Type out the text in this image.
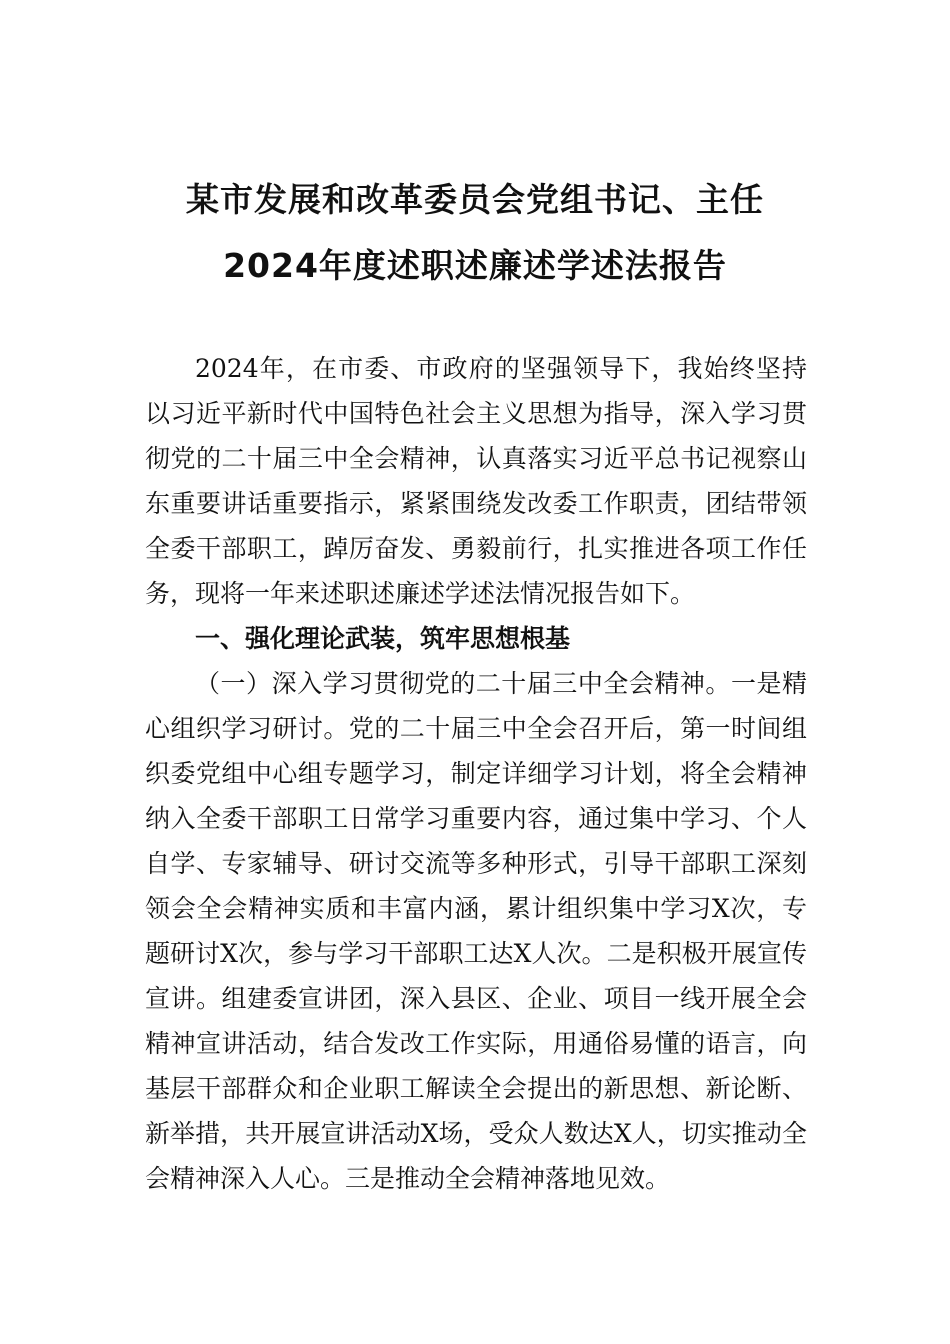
某市发展和改革委员会党组书记、主任
2024年度述职述廉述学述法报告
2024年，在市委、市政府的坚强领导下，我始终坚持以习近平新时代中国特色社会主义思想为指导，深入学习贯彻党的二十届三中全会精神，认真落实习近平总书记视察山东重要讲话重要指示，紧紧围绕发改委工作职责，团结带领全委干部职工，踔厉奋发、勇毅前行，扎实推进各项工作任务，现将一年来述职述廉述学述法情况报告如下。
一、强化理论武装，筑牢思想根基
（一）深入学习贯彻党的二十届三中全会精神。一是精心组织学习研讨。党的二十届三中全会召开后，第一时间组织委党组中心组专题学习，制定详细学习计划，将全会精神纳入全委干部职工日常学习重要内容，通过集中学习、个人自学、专家辅导、研讨交流等多种形式，引导干部职工深刻领会全会精神实质和丰富内涵，累计组织集中学习X次，专题研讨X次，参与学习干部职工达X人次。二是积极开展宣传宣讲。组建委宣讲团，深入县区、企业、项目一线开展全会精神宣讲活动，结合发改工作实际，用通俗易懂的语言，向基层干部群众和企业职工解读全会提出的新思想、新论断、新举措，共开展宣讲活动X场，受众人数达X人，切实推动全会精神深入人心。三是推动全会精神落地见效。
